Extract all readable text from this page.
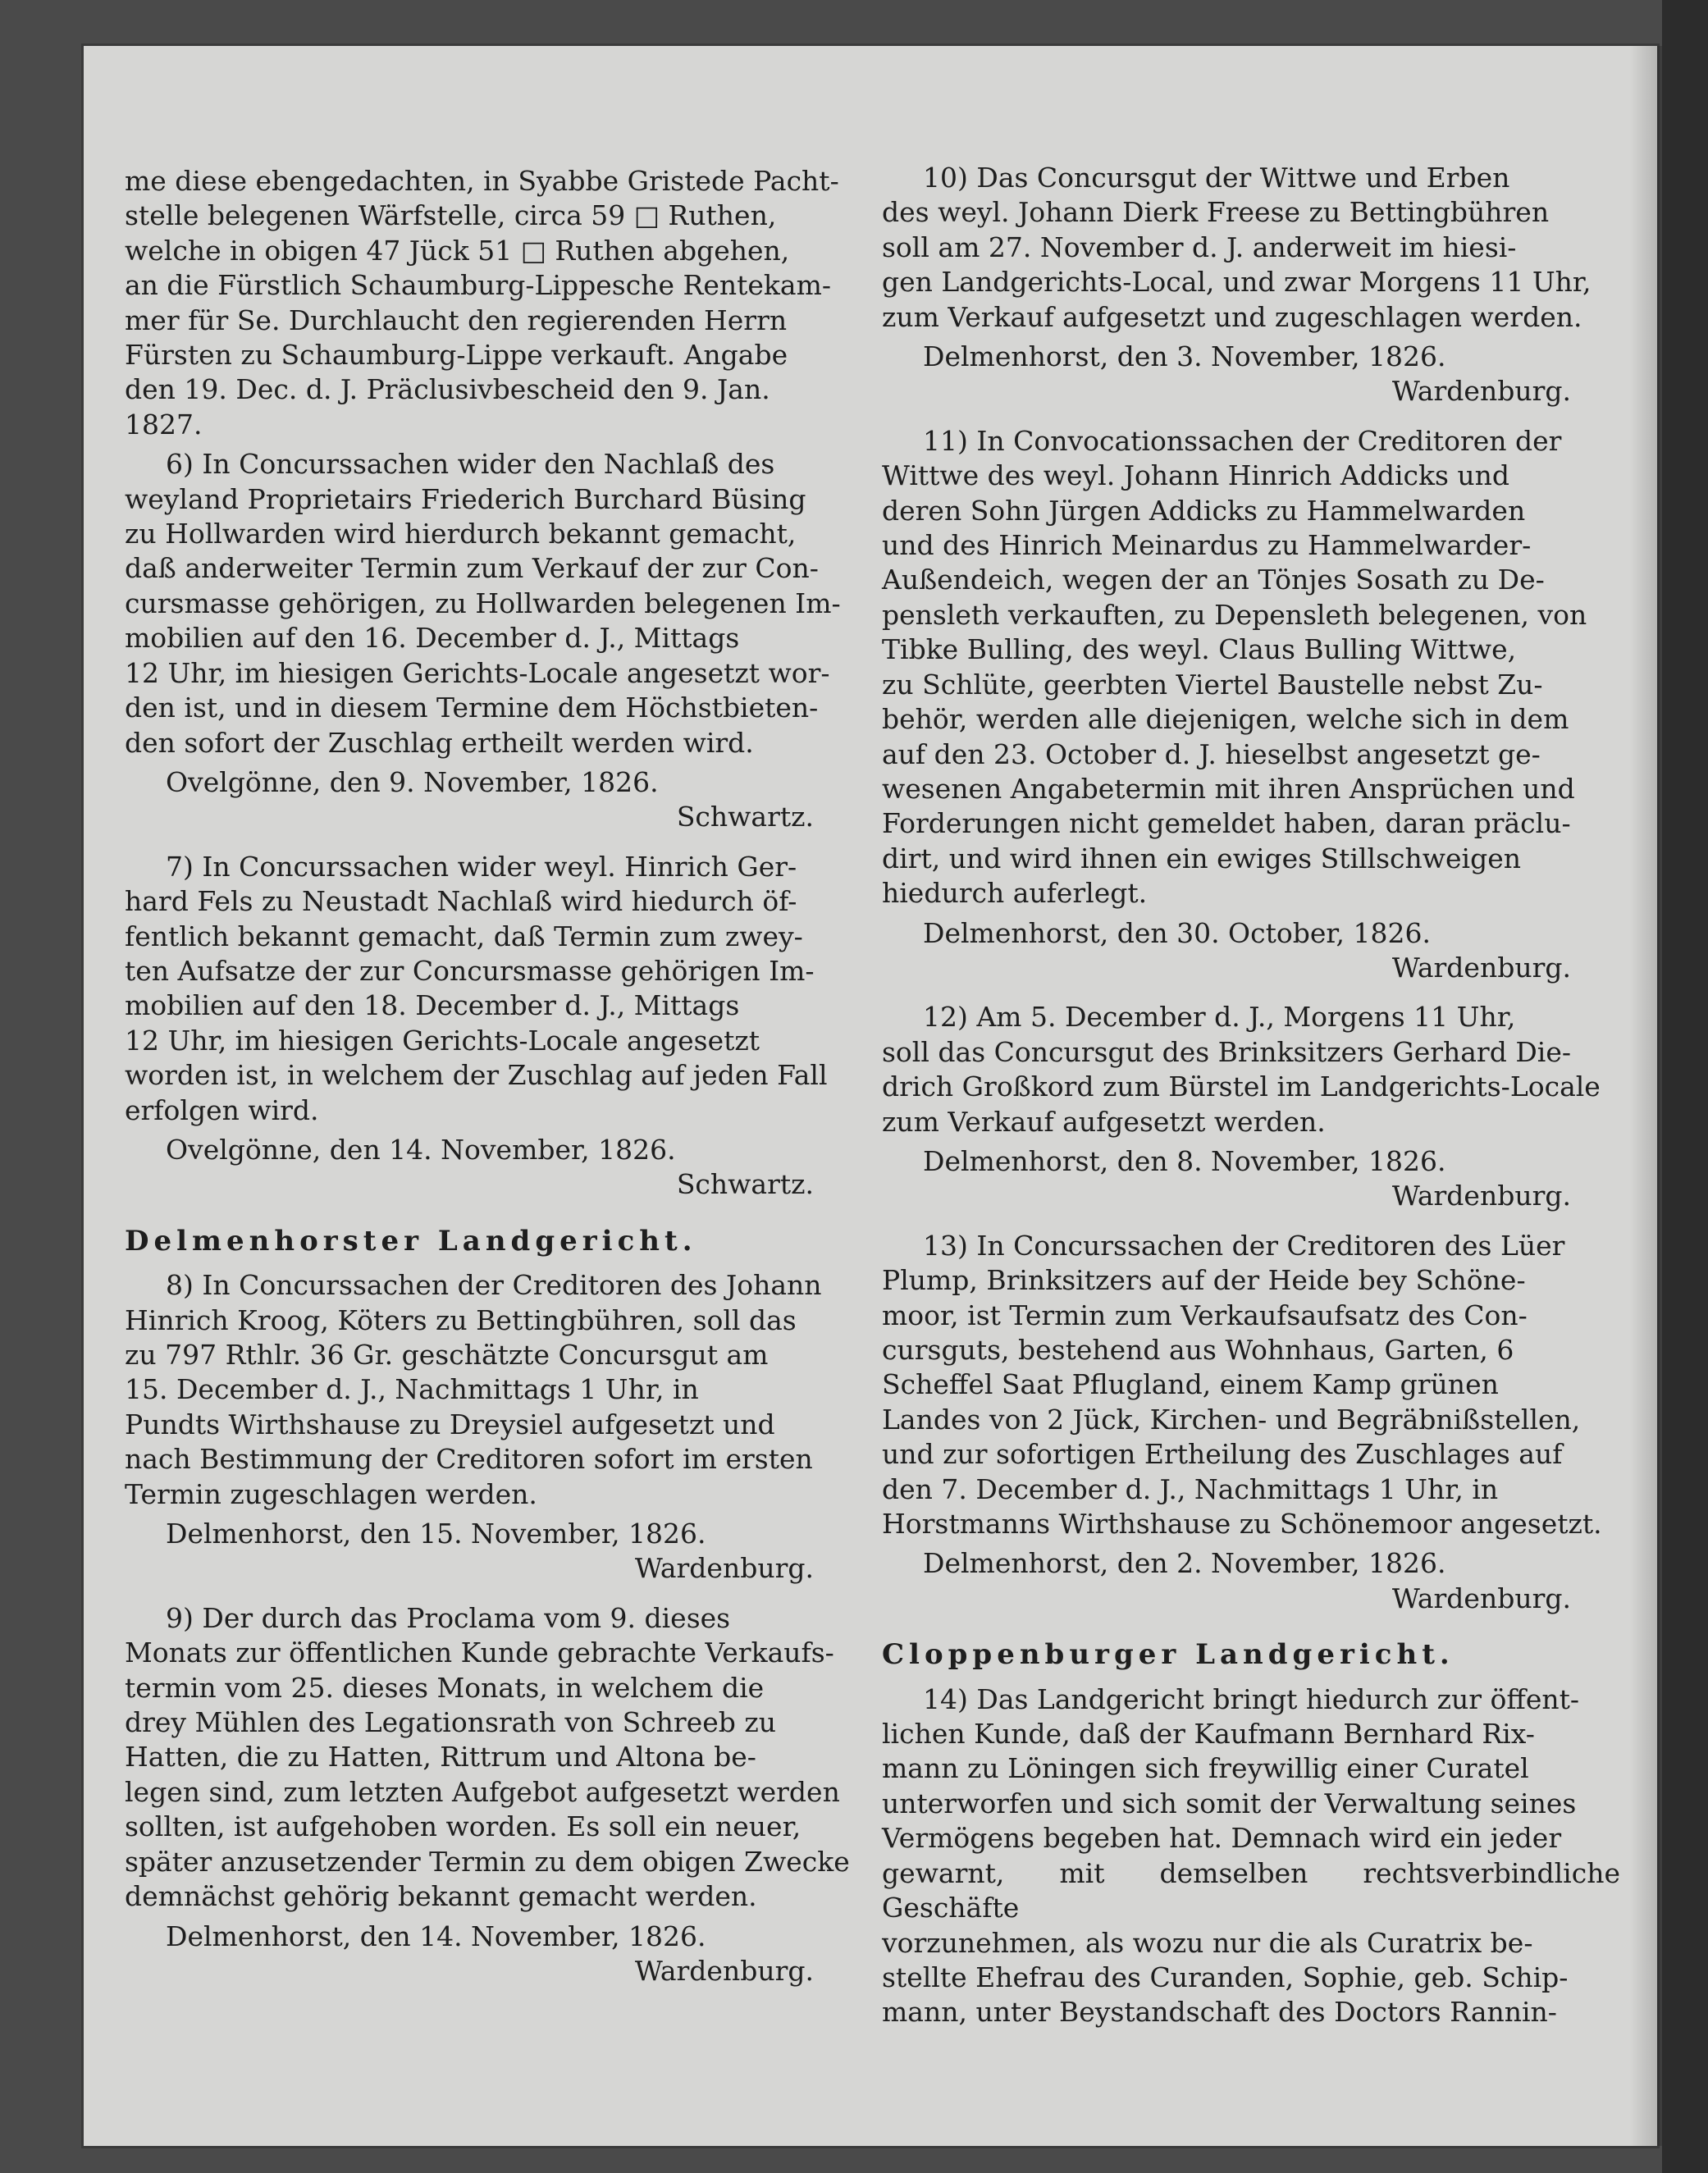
me diese ebengedachten, in Syabbe Gristede Pacht-

stelle belegenen Wärfstelle, circa 59 □ Ruthen,

welche in obigen 47 Jück 51 □ Ruthen abgehen,

an die Fürstlich Schaumburg-Lippesche Rentekam-

mer für Se. Durchlaucht den regierenden Herrn

Fürsten zu Schaumburg-Lippe verkauft. Angabe

den 19. Dec. d. J. Präclusivbescheid den 9. Jan.

1827.

6) In Concurssachen wider den Nachlaß des

weyland Proprietairs Friederich Burchard Büsing

zu Hollwarden wird hierdurch bekannt gemacht,

daß anderweiter Termin zum Verkauf der zur Con-

cursmasse gehörigen, zu Hollwarden belegenen Im-

mobilien auf den 16. December d. J., Mittags

12 Uhr, im hiesigen Gerichts-Locale angesetzt wor-

den ist, und in diesem Termine dem Höchstbieten-

den sofort der Zuschlag ertheilt werden wird.

Ovelgönne, den 9. November, 1826.

Schwartz.

7) In Concurssachen wider weyl. Hinrich Ger-

hard Fels zu Neustadt Nachlaß wird hiedurch öf-

fentlich bekannt gemacht, daß Termin zum zwey-

ten Aufsatze der zur Concursmasse gehörigen Im-

mobilien auf den 18. December d. J., Mittags

12 Uhr, im hiesigen Gerichts-Locale angesetzt

worden ist, in welchem der Zuschlag auf jeden Fall

erfolgen wird.

Ovelgönne, den 14. November, 1826.

Schwartz.

Delmenhorster Landgericht.

8) In Concurssachen der Creditoren des Johann

Hinrich Kroog, Köters zu Bettingbühren, soll das

zu 797 Rthlr. 36 Gr. geschätzte Concursgut am

15. December d. J., Nachmittags 1 Uhr, in

Pundts Wirthshause zu Dreysiel aufgesetzt und

nach Bestimmung der Creditoren sofort im ersten

Termin zugeschlagen werden.

Delmenhorst, den 15. November, 1826.

Wardenburg.

9) Der durch das Proclama vom 9. dieses

Monats zur öffentlichen Kunde gebrachte Verkaufs-

termin vom 25. dieses Monats, in welchem die

drey Mühlen des Legationsrath von Schreeb zu

Hatten, die zu Hatten, Rittrum und Altona be-

legen sind, zum letzten Aufgebot aufgesetzt werden

sollten, ist aufgehoben worden. Es soll ein neuer,

später anzusetzender Termin zu dem obigen Zwecke

demnächst gehörig bekannt gemacht werden.

Delmenhorst, den 14. November, 1826.

Wardenburg.

10) Das Concursgut der Wittwe und Erben

des weyl. Johann Dierk Freese zu Bettingbühren

soll am 27. November d. J. anderweit im hiesi-

gen Landgerichts-Local, und zwar Morgens 11 Uhr,

zum Verkauf aufgesetzt und zugeschlagen werden.

Delmenhorst, den 3. November, 1826.

Wardenburg.

11) In Convocationssachen der Creditoren der

Wittwe des weyl. Johann Hinrich Addicks und

deren Sohn Jürgen Addicks zu Hammelwarden

und des Hinrich Meinardus zu Hammelwarder-

Außendeich, wegen der an Tönjes Sosath zu De-

pensleth verkauften, zu Depensleth belegenen, von

Tibke Bulling, des weyl. Claus Bulling Wittwe,

zu Schlüte, geerbten Viertel Baustelle nebst Zu-

behör, werden alle diejenigen, welche sich in dem

auf den 23. October d. J. hieselbst angesetzt ge-

wesenen Angabetermin mit ihren Ansprüchen und

Forderungen nicht gemeldet haben, daran präclu-

dirt, und wird ihnen ein ewiges Stillschweigen

hiedurch auferlegt.

Delmenhorst, den 30. October, 1826.

Wardenburg.

12) Am 5. December d. J., Morgens 11 Uhr,

soll das Concursgut des Brinksitzers Gerhard Die-

drich Großkord zum Bürstel im Landgerichts-Locale

zum Verkauf aufgesetzt werden.

Delmenhorst, den 8. November, 1826.

Wardenburg.

13) In Concurssachen der Creditoren des Lüer

Plump, Brinksitzers auf der Heide bey Schöne-

moor, ist Termin zum Verkaufsaufsatz des Con-

cursguts, bestehend aus Wohnhaus, Garten, 6

Scheffel Saat Pflugland, einem Kamp grünen

Landes von 2 Jück, Kirchen- und Begräbnißstellen,

und zur sofortigen Ertheilung des Zuschlages auf

den 7. December d. J., Nachmittags 1 Uhr, in

Horstmanns Wirthshause zu Schönemoor angesetzt.

Delmenhorst, den 2. November, 1826.

Wardenburg.

Cloppenburger Landgericht.

14) Das Landgericht bringt hiedurch zur öffent-

lichen Kunde, daß der Kaufmann Bernhard Rix-

mann zu Löningen sich freywillig einer Curatel

unterworfen und sich somit der Verwaltung seines

Vermögens begeben hat. Demnach wird ein jeder

gewarnt, mit demselben rechtsverbindliche Geschäfte

vorzunehmen, als wozu nur die als Curatrix be-

stellte Ehefrau des Curanden, Sophie, geb. Schip-

mann, unter Beystandschaft des Doctors Rannin-
